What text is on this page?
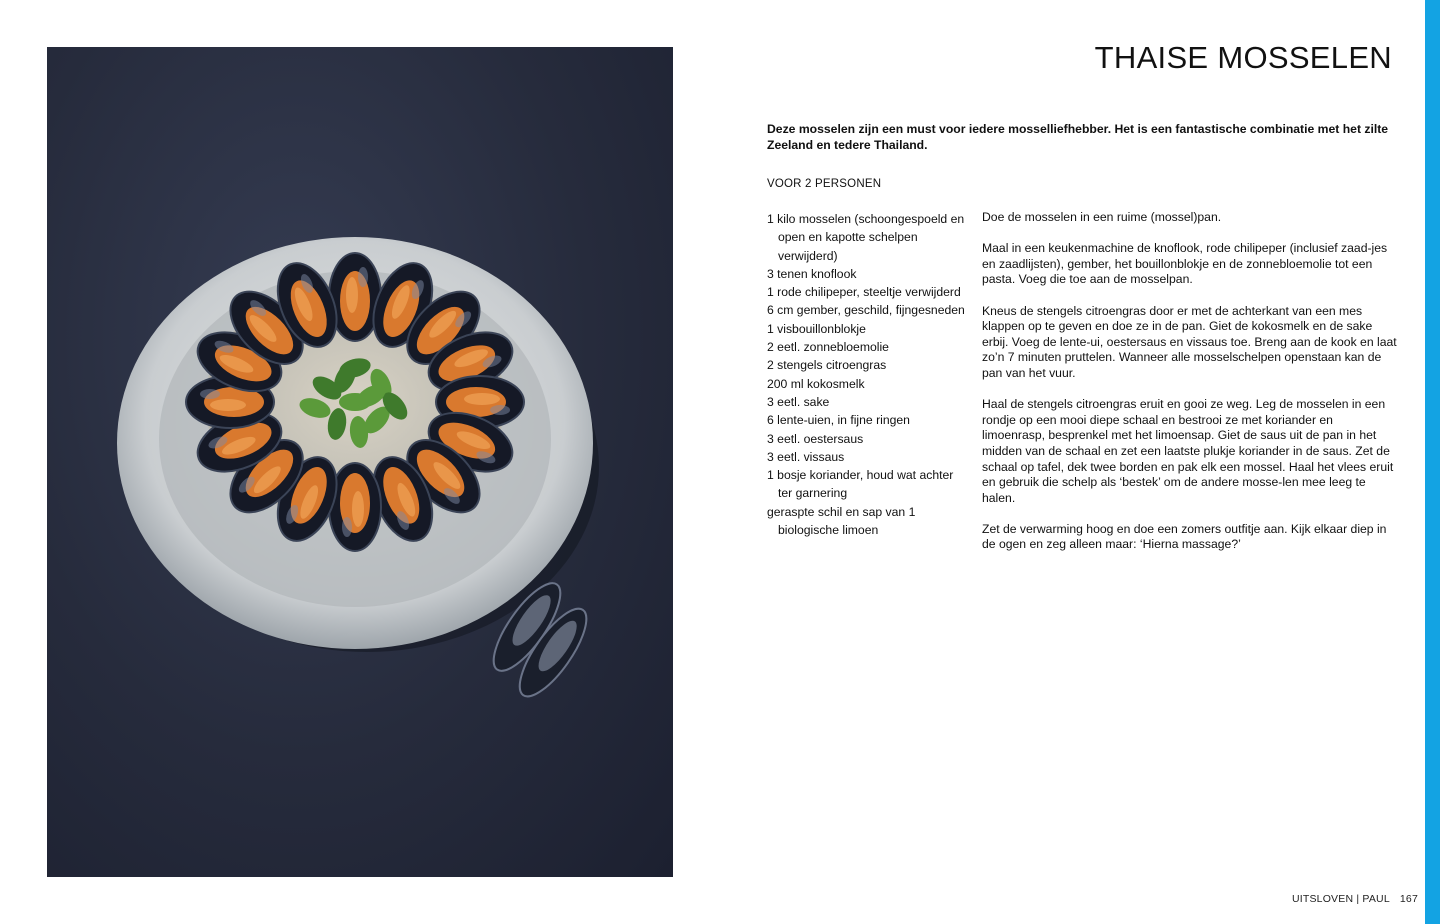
THAISE MOSSELEN

Deze mosselen zijn een must voor iedere mosselliefhebber. Het is een fantastische combinatie met het zilte Zeeland en tedere Thailand.

VOOR 2 PERSONEN

1 kilo mosselen (schoongespoeld en open en kapotte schelpen verwijderd)
3 tenen knoflook
1 rode chilipeper, steeltje verwijderd
6 cm gember, geschild, fijngesneden
1 visbouillonblokje
2 eetl. zonnebloemolie
2 stengels citroengras
200 ml kokosmelk
3 eetl. sake
6 lente-uien, in fijne ringen
3 eetl. oestersaus
3 eetl. vissaus
1 bosje koriander, houd wat achter ter garnering
geraspte schil en sap van 1 biologische limoen

Doe de mosselen in een ruime (mossel)pan.

Maal in een keukenmachine de knoflook, rode chilipeper (inclusief zaad-jes en zaadlijsten), gember, het bouillonblokje en de zonnebloemolie tot een pasta. Voeg die toe aan de mosselpan.

Kneus de stengels citroengras door er met de achterkant van een mes klappen op te geven en doe ze in de pan. Giet de kokosmelk en de sake erbij. Voeg de lente-ui, oestersaus en vissaus toe. Breng aan de kook en laat zo’n 7 minuten pruttelen. Wanneer alle mosselschelpen openstaan kan de pan van het vuur.

Haal de stengels citroengras eruit en gooi ze weg. Leg de mosselen in een rondje op een mooi diepe schaal en bestrooi ze met koriander en limoenrasp, besprenkel met het limoensap. Giet de saus uit de pan in het midden van de schaal en zet een laatste plukje koriander in de saus. Zet de schaal op tafel, dek twee borden en pak elk een mossel. Haal het vlees eruit en gebruik die schelp als ‘bestek’ om de andere mosse-len mee leeg te halen.

Zet de verwarming hoog en doe een zomers outfitje aan. Kijk elkaar diep in de ogen en zeg alleen maar: ‘Hierna massage?’

UITSLOVEN | PAUL 167
